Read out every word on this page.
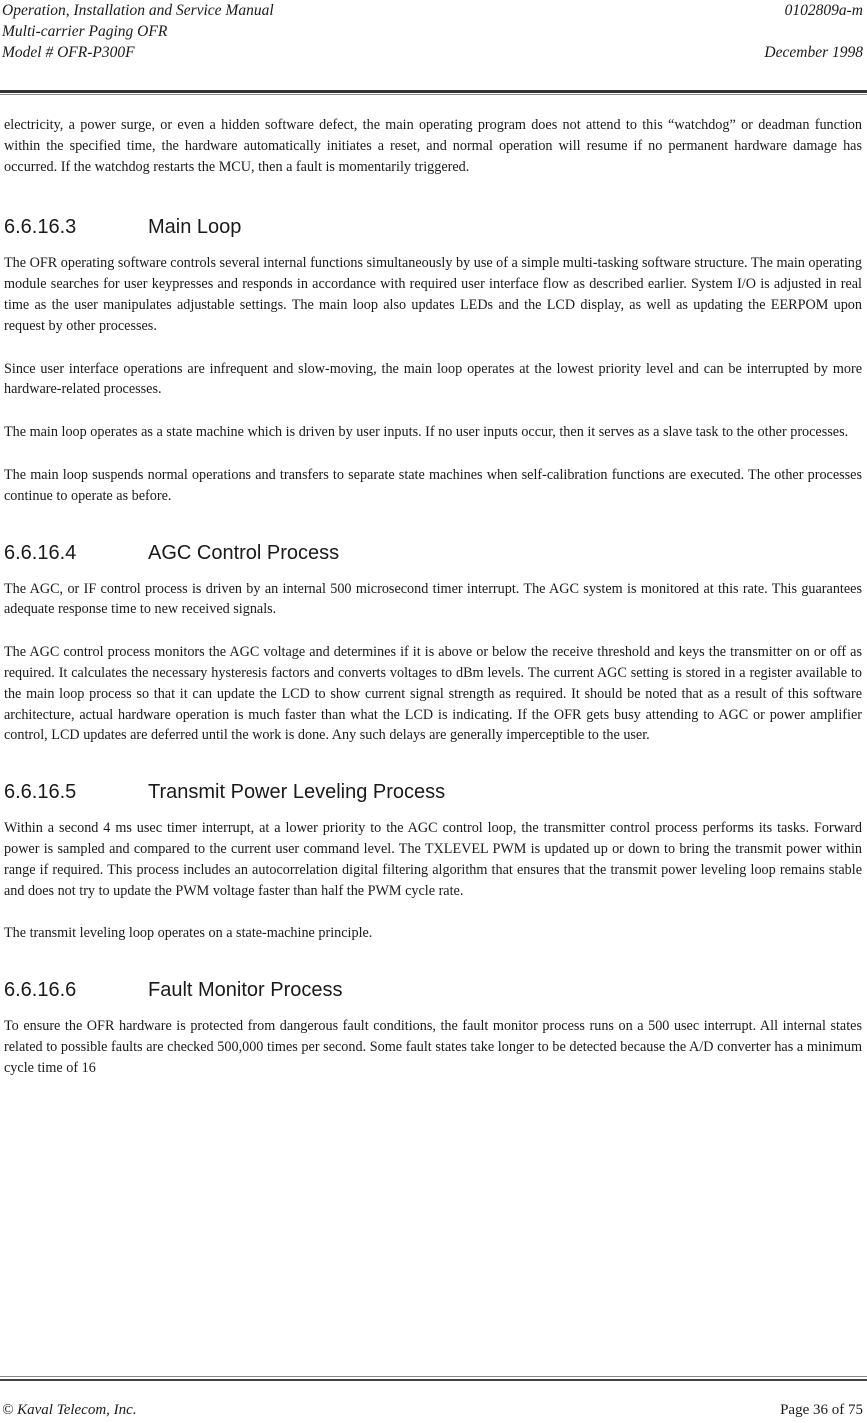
Operation, Installation and Service Manual
Multi-carrier Paging OFR
Model # OFR-P300F
0102809a-m
December 1998

electricity, a power surge, or even a hidden software defect, the main operating program does not attend to this “watchdog” or deadman function within the specified time, the hardware automatically initiates a reset, and normal operation will resume if no permanent hardware damage has occurred. If the watchdog restarts the MCU, then a fault is momentarily triggered.

6.6.16.3	Main Loop

The OFR operating software controls several internal functions simultaneously by use of a simple multi-tasking software structure. The main operating module searches for user keypresses and responds in accordance with required user interface flow as described earlier. System I/O is adjusted in real time as the user manipulates adjustable settings. The main loop also updates LEDs and the LCD display, as well as updating the EERPOM upon request by other processes.

Since user interface operations are infrequent and slow-moving, the main loop operates at the lowest priority level and can be interrupted by more hardware-related processes.

The main loop operates as a state machine which is driven by user inputs. If no user inputs occur, then it serves as a slave task to the other processes.

The main loop suspends normal operations and transfers to separate state machines when self-calibration functions are executed. The other processes continue to operate as before.

6.6.16.4	AGC Control Process

The AGC, or IF control process is driven by an internal 500 microsecond timer interrupt. The AGC system is monitored at this rate. This guarantees adequate response time to new received signals.

The AGC control process monitors the AGC voltage and determines if it is above or below the receive threshold and keys the transmitter on or off as required. It calculates the necessary hysteresis factors and converts voltages to dBm levels. The current AGC setting is stored in a register available to the main loop process so that it can update the LCD to show current signal strength as required. It should be noted that as a result of this software architecture, actual hardware operation is much faster than what the LCD is indicating. If the OFR gets busy attending to AGC or power amplifier control, LCD updates are deferred until the work is done. Any such delays are generally imperceptible to the user.

6.6.16.5	Transmit Power Leveling Process

Within a second 4 ms usec timer interrupt, at a lower priority to the AGC control loop, the transmitter control process performs its tasks. Forward power is sampled and compared to the current user command level. The TXLEVEL PWM is updated up or down to bring the transmit power within range if required. This process includes an autocorrelation digital filtering algorithm that ensures that the transmit power leveling loop remains stable and does not try to update the PWM voltage faster than half the PWM cycle rate.

The transmit leveling loop operates on a state-machine principle.

6.6.16.6	Fault Monitor Process

To ensure the OFR hardware is protected from dangerous fault conditions, the fault monitor process runs on a 500 usec interrupt. All internal states related to possible faults are checked 500,000 times per second. Some fault states take longer to be detected because the A/D converter has a minimum cycle time of 16

© Kaval Telecom, Inc.	Page 36 of 75
